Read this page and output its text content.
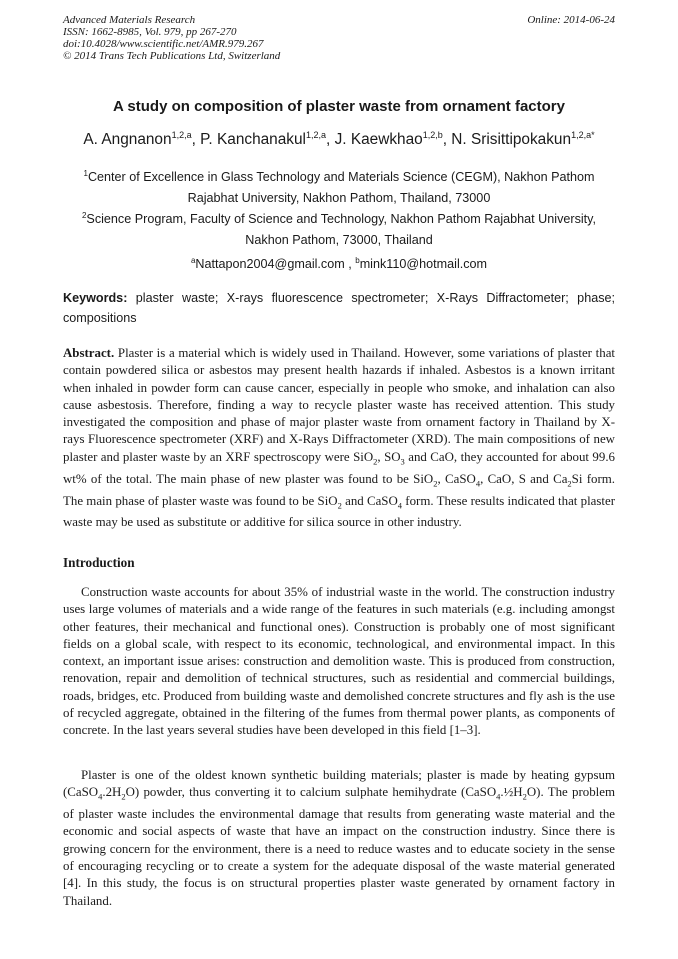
Advanced Materials Research
ISSN: 1662-8985, Vol. 979, pp 267-270
doi:10.4028/www.scientific.net/AMR.979.267
© 2014 Trans Tech Publications Ltd, Switzerland
Online: 2014-06-24
A study on composition of plaster waste from ornament factory
A. Angnanon$^{1,2,a}$, P. Kanchanakul$^{1,2,a}$, J. Kaewkhao$^{1,2,b}$, N. Srisittipokakun$^{1,2,a*}$
$^1$Center of Excellence in Glass Technology and Materials Science (CEGM), Nakhon Pathom
Rajabhat University, Nakhon Pathom, Thailand, 73000
$^2$Science Program, Faculty of Science and Technology, Nakhon Pathom Rajabhat University,
Nakhon Pathom, 73000, Thailand
$^a$Nattapon2004@gmail.com , $^b$mink110@hotmail.com
Keywords: plaster waste; X-rays fluorescence spectrometer; X-Rays Diffractometer; phase; compositions
Abstract. Plaster is a material which is widely used in Thailand. However, some variations of plaster that contain powdered silica or asbestos may present health hazards if inhaled. Asbestos is a known irritant when inhaled in powder form can cause cancer, especially in people who smoke, and inhalation can also cause asbestosis. Therefore, finding a way to recycle plaster waste has received attention. This study investigated the composition and phase of major plaster waste from ornament factory in Thailand by X-rays Fluorescence spectrometer (XRF) and X-Rays Diffractometer (XRD). The main compositions of new plaster and plaster waste by an XRF spectroscopy were SiO$_2$, $SO_3$ and CaO, they accounted for about 99.6 wt% of the total. The main phase of new plaster was found to be SiO$_2$, CaSO$_4$, CaO, S and $Ca_2Si$ form. The main phase of plaster waste was found to be SiO$_2$ and CaSO$_4$ form. These results indicated that plaster waste may be used as substitute or additive for silica source in other industry.
Introduction
Construction waste accounts for about 35% of industrial waste in the world. The construction industry uses large volumes of materials and a wide range of the features in such materials (e.g. including amongst other features, their mechanical and functional ones). Construction is probably one of most significant fields on a global scale, with respect to its economic, technological, and environmental impact. In this context, an important issue arises: construction and demolition waste. This is produced from construction, renovation, repair and demolition of technical structures, such as residential and commercial buildings, roads, bridges, etc. Produced from building waste and demolished concrete structures and fly ash is the use of recycled aggregate, obtained in the filtering of the fumes from thermal power plants, as components of concrete. In the last years several studies have been developed in this field [1–3].
Plaster is one of the oldest known synthetic building materials; plaster is made by heating gypsum $(CaSO_4.2H_2O)$ powder, thus converting it to calcium sulphate hemihydrate $(CaSO_4.\frac{1}{2}H_2O)$. The problem of plaster waste includes the environmental damage that results from generating waste material and the economic and social aspects of waste that have an impact on the construction industry. Since there is growing concern for the environment, there is a need to reduce wastes and to educate society in the sense of encouraging recycling or to create a system for the adequate disposal of the waste material generated [4]. In this study, the focus is on structural properties plaster waste generated by ornament factory in Thailand.
